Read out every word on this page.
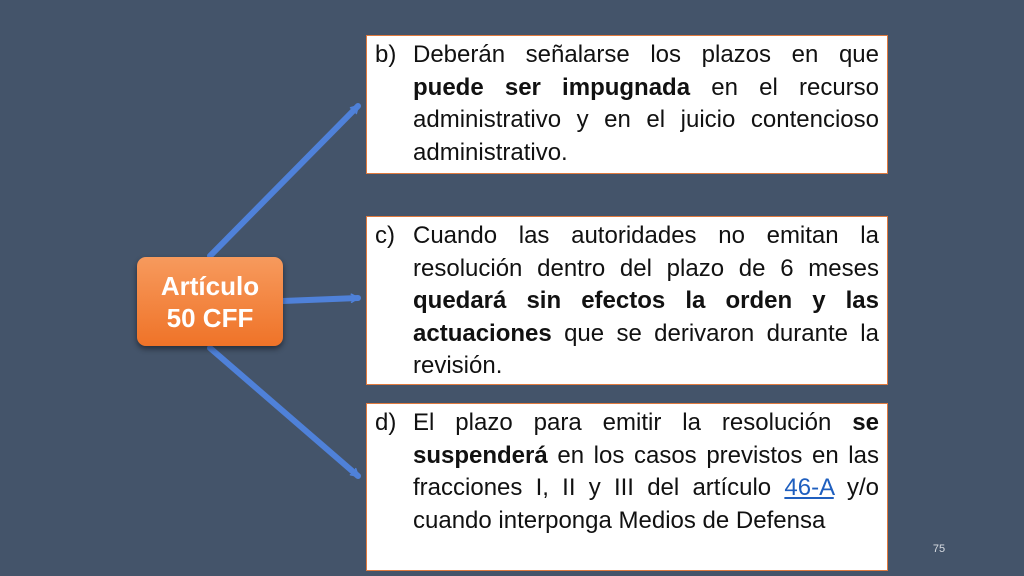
Artículo
50 CFF
b) Deberán señalarse los plazos en que puede ser impugnada en el recurso administrativo y en el juicio contencioso administrativo.
c) Cuando las autoridades no emitan la resolución dentro del plazo de 6 meses quedará sin efectos la orden y las actuaciones que se derivaron durante la revisión.
d) El plazo para emitir la resolución se suspenderá en los casos previstos en las fracciones I, II y III del artículo 46-A y/o cuando interponga Medios de Defensa
75
